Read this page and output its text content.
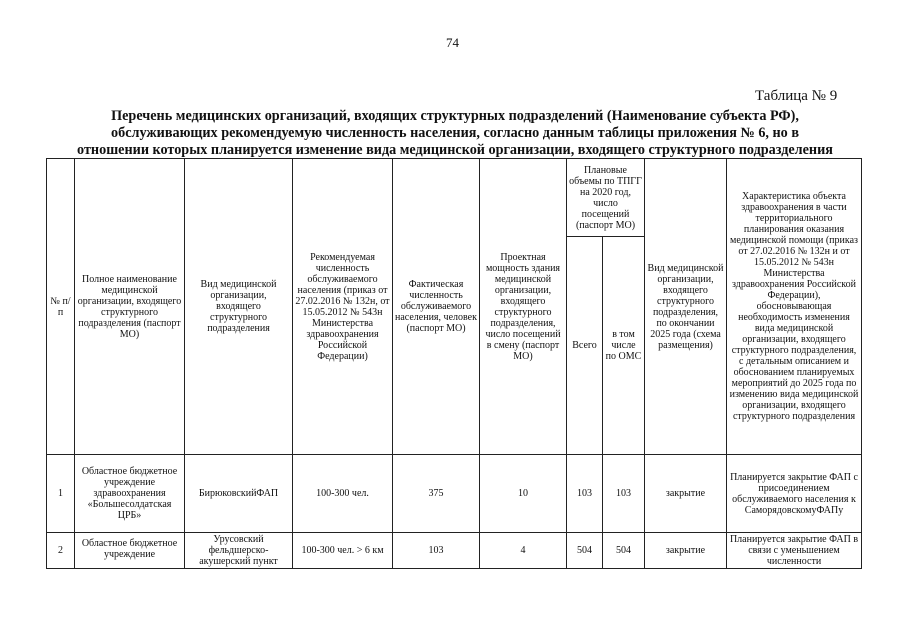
74
Таблица № 9
Перечень медицинских организаций, входящих структурных подразделений (Наименование субъекта РФ),
обслуживающих рекомендуемую численность населения, согласно данным таблицы приложения № 6, но в
отношении которых планируется изменение вида медицинской организации, входящего структурного подразделения
№ п/п	Полное наименование медицинской организации, входящего структурного подразделения (паспорт МО)	Вид медицинской организации, входящего структурного подразделения	Рекомендуемая численность обслуживаемого населения (приказ от 27.02.2016 № 132н, от 15.05.2012 № 543н Министерства здравоохранения Российской Федерации)	Фактическая численность обслуживаемого населения, человек (паспорт МО)	Проектная мощность здания медицинской организации, входящего структурного подразделения, число посещений в смену (паспорт МО)	Плановые объемы по ТПГГ на 2020 год, число посещений (паспорт МО)		Вид медицинской организации, входящего структурного подразделения, по окончании 2025 года (схема размещения)	Характеристика объекта здравоохранения в части территориального планирования оказания медицинской помощи (приказ от 27.02.2016 № 132н и от 15.05.2012 № 543н Министерства здравоохранения Российской Федерации), обосновывающая необходимость изменения вида медицинской организации, входящего структурного подразделения, с детальным описанием и обоснованием планируемых мероприятий до 2025 года по изменению вида медицинской организации, входящего структурного подразделения
						Всего	в том числе по ОМС		
1	Областное бюджетное учреждение здравоохранения «Большесолдатская ЦРБ»	БирюковскийФАП	100-300 чел.	375	10	103	103	закрытие	Планируется закрытие ФАП с присоединением обслуживаемого населения к СаморядовскомуФАПу
2	Областное бюджетное учреждение	Урусовский фельдшерско-акушерский пункт	100-300 чел. > 6 км	103	4	504	504	закрытие	Планируется закрытие ФАП в связи с уменьшением численности
